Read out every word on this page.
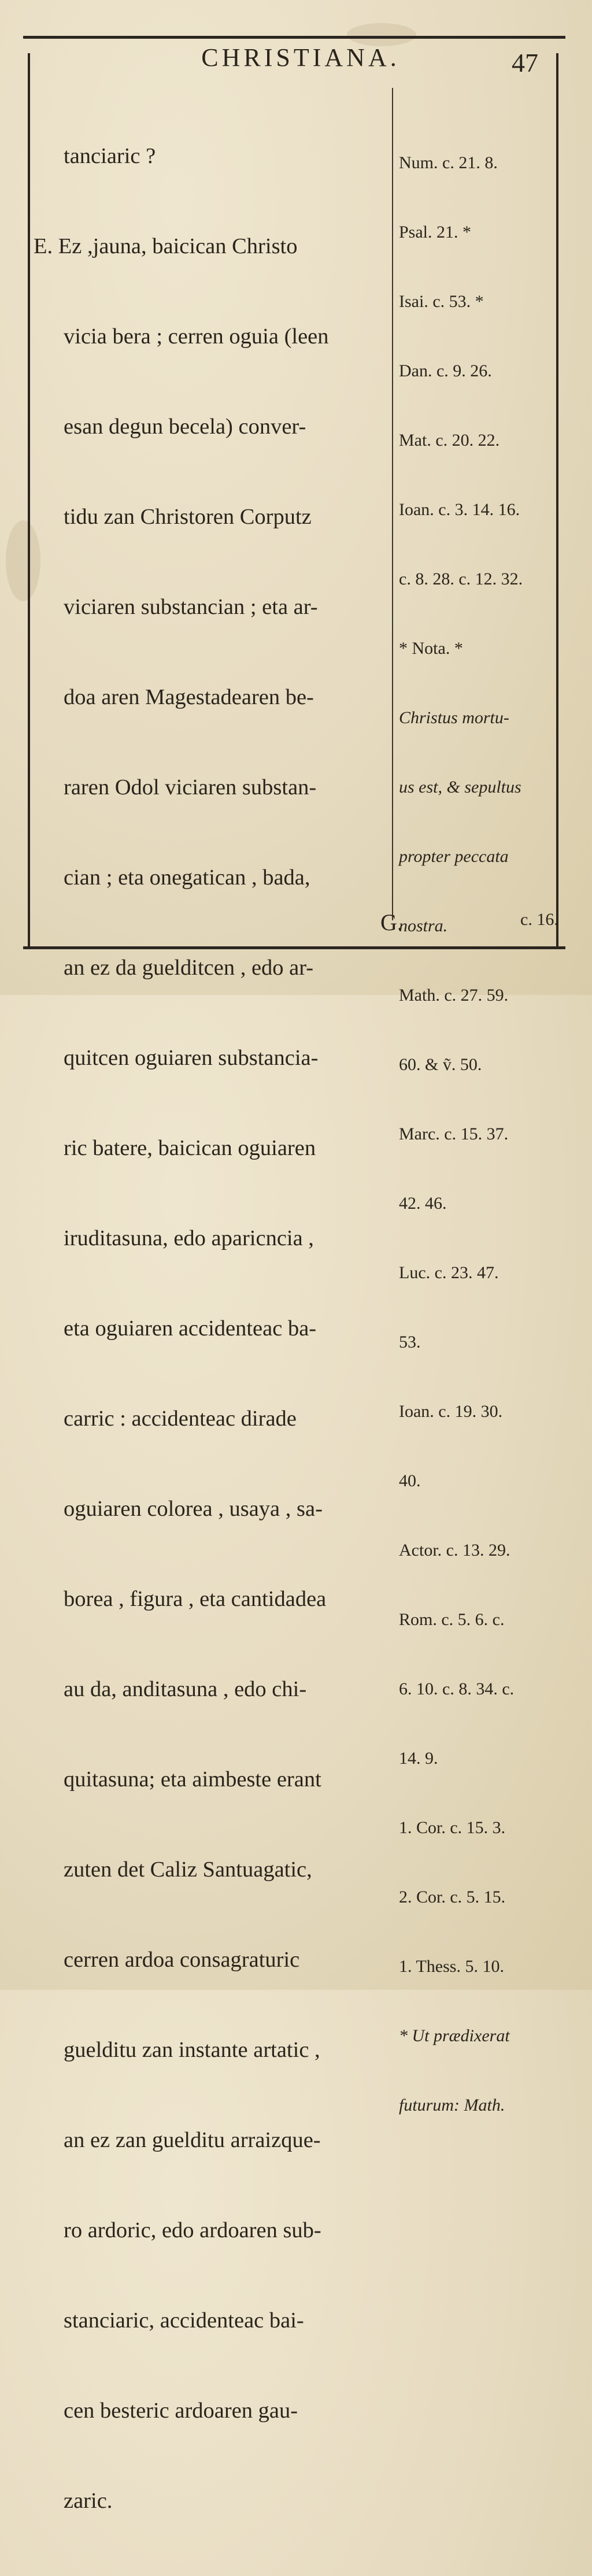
CHRISTIANA.	47

tanciaric ?

E. Ez ,jauna, baicican Christo

vicia bera ; cerren oguia (leen

esan degun becela) conver-

tidu zan Christoren Corputz

viciaren substancian ; eta ar-

doa aren Magestadearen be-

raren Odol viciaren substan-

cian ; eta onegatican , bada,

an ez da guelditcen , edo ar-

quitcen oguiaren substancia-

ric batere, baicican oguiaren

iruditasuna, edo aparicncia ,

eta oguiaren accidenteac ba-

carric : accidenteac dirade

oguiaren colorea , usaya , sa-

borea , figura , eta cantidadea

au da, anditasuna , edo chi-

quitasuna; eta aimbeste erant

zuten det Caliz Santuagatic,

cerren ardoa consagraturic

guelditu zan instante artatic ,

an ez zan guelditu arraizque-

ro ardoric, edo ardoaren sub-

stanciaric, accidenteac bai-

cen besteric ardoaren gau-

zaric.

Num. c. 21. 8.

Psal. 21. *

Isai. c. 53. *

Dan. c. 9. 26.

Mat. c. 20. 22.

Ioan. c. 3. 14. 16.

c. 8. 28. c. 12. 32.

* Nota. *

Christus mortu-

us est, & sepultus

propter peccata

nostra.

Math. c. 27. 59.

60. & ṽ. 50.

Marc. c. 15. 37.

42. 46.

Luc. c. 23. 47.

53.

Ioan. c. 19. 30.

40.

Actor. c. 13. 29.

Rom. c. 5. 6. c.

6. 10. c. 8. 34. c.

14. 9.

1. Cor. c. 15. 3.

2. Cor. c. 5. 15.

1. Thess. 5. 10.

* Ut prædixerat

futurum: Math.

G.	c. 16.
